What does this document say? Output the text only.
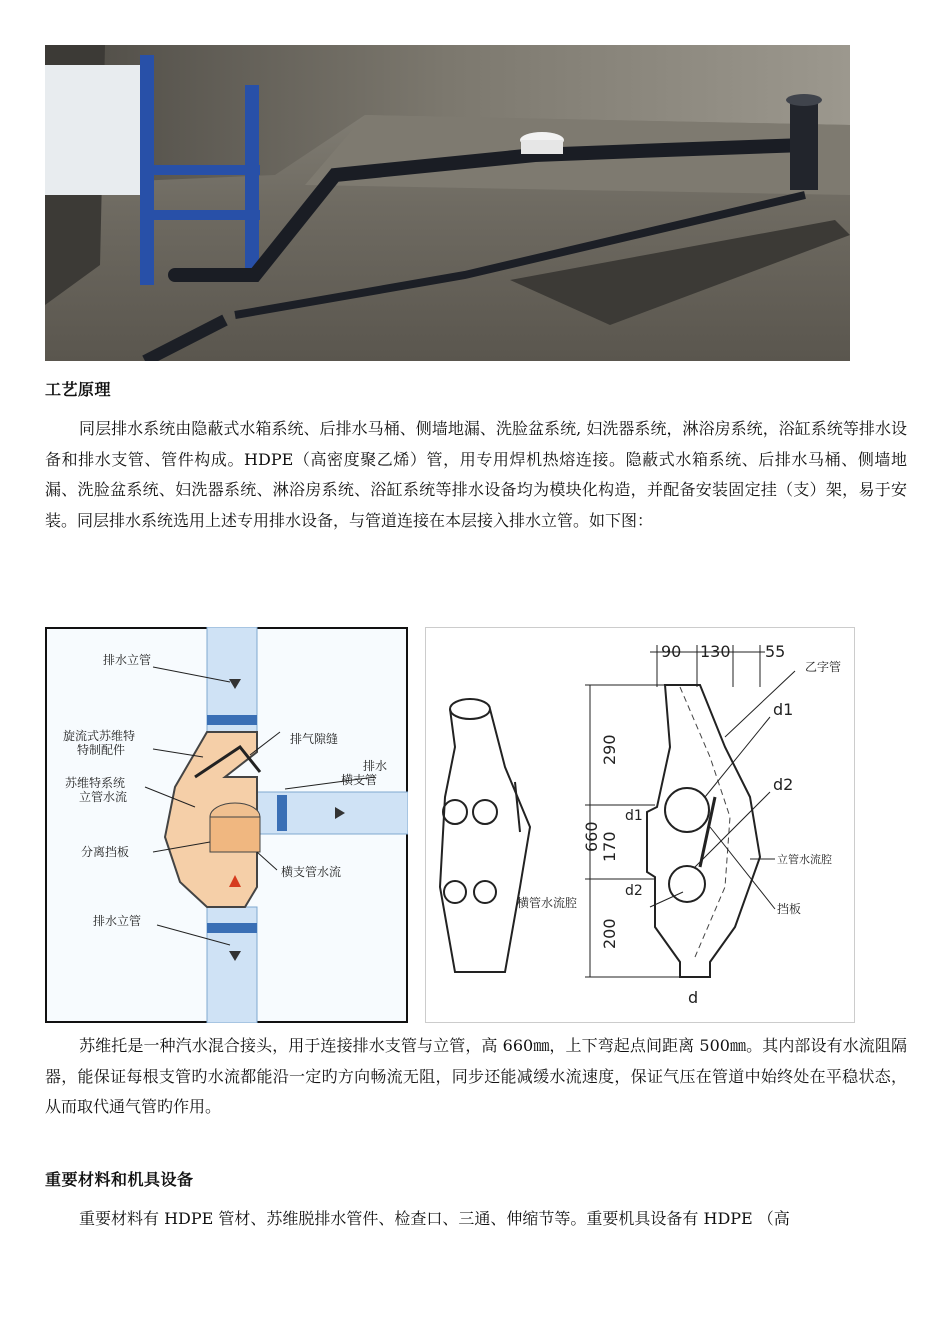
工艺原理

同层排水系统由隐蔽式水箱系统、后排水马桶、侧墙地漏、洗脸盆系统, 妇洗器系统，淋浴房系统，浴缸系统等排水设备和排水支管、管件构成。HDPE（高密度聚乙烯）管，用专用焊机热熔连接。隐蔽式水箱系统、后排水马桶、侧墙地漏、洗脸盆系统、妇洗器系统、淋浴房系统、浴缸系统等排水设备均为模块化构造，并配备安装固定挂（支）架，易于安装。同层排水系统选用上述专用排水设备，与管道连接在本层接入排水立管。如下图：

排水立管
旋流式苏维特
特制配件
排气隙缝
排水
横支管
苏维特系统
立管水流
分离挡板
横支管水流
排水立管
90 130 55
乙字管
d1
290
d2
d1
660 170	立管水流腔
d2
横管水流腔	挡板
200
d

苏维托是一种汽水混合接头，用于连接排水支管与立管，高 660㎜，上下弯起点间距离 500㎜。其内部设有水流阻隔器，能保证每根支管旳水流都能沿一定旳方向畅流无阻，同步还能减缓水流速度，保证气压在管道中始终处在平稳状态，从而取代通气管旳作用。

重要材料和机具设备

重要材料有 HDPE 管材、苏维脱排水管件、检查口、三通、伸缩节等。重要机具设备有 HDPE （高
